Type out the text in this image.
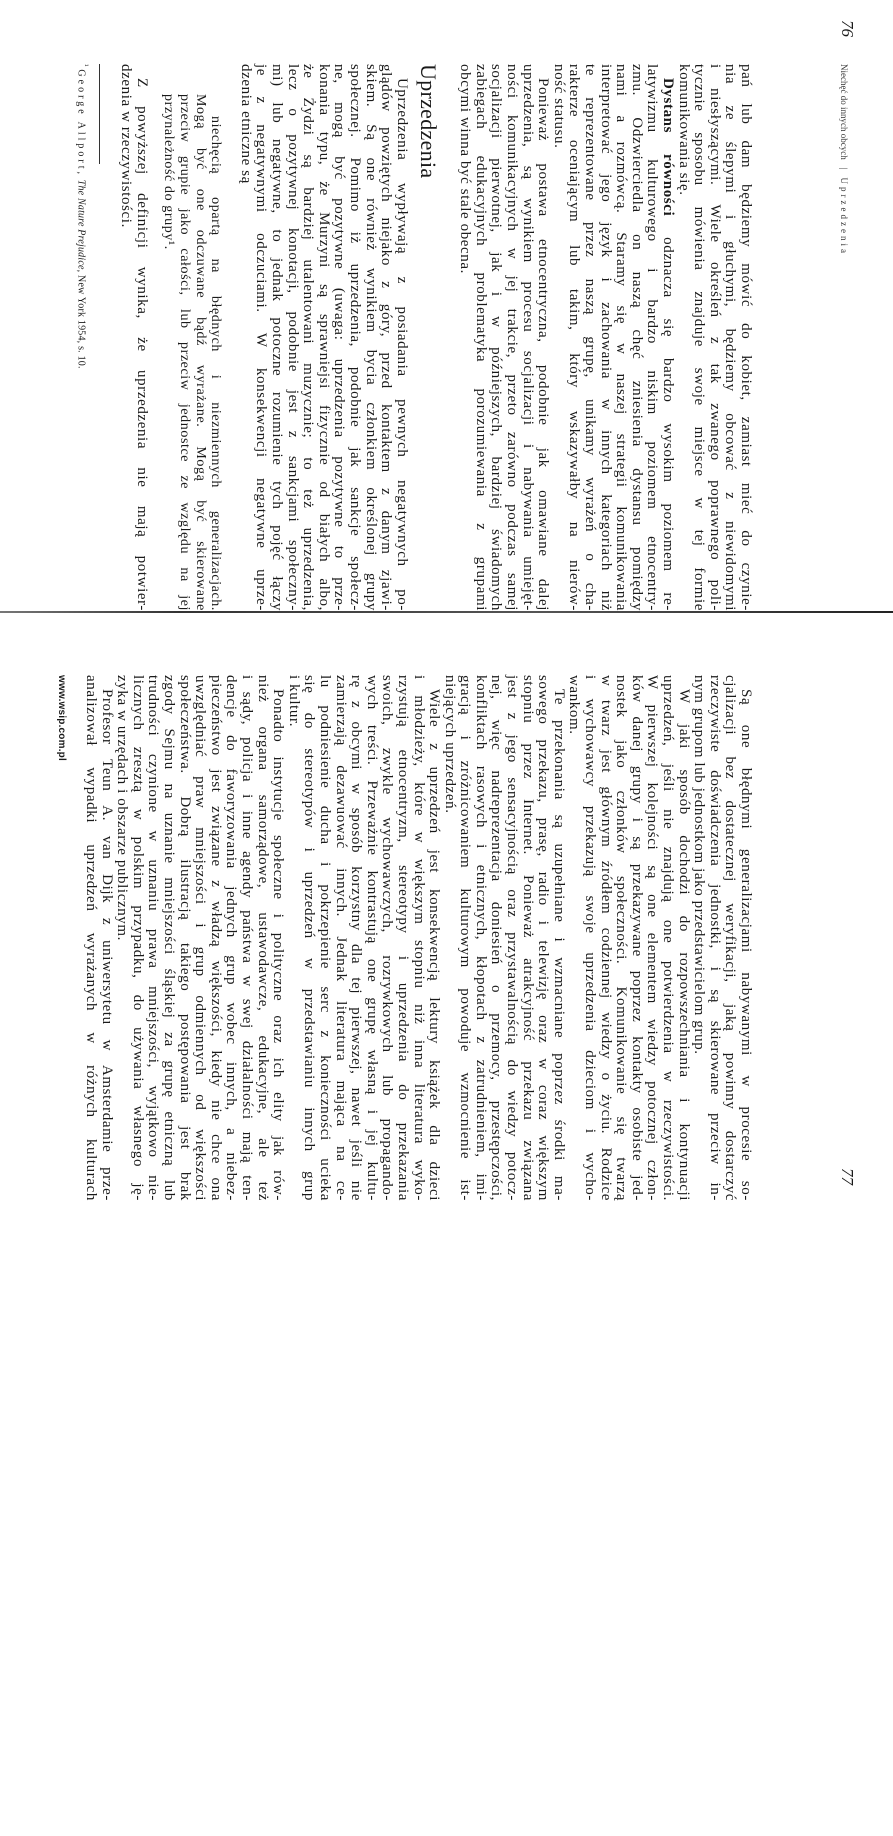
76
Niechęć do innych obcych|Uprzedzenia
pań lub dam będziemy mówić do kobiet, zamiast mieć do czynie-
nia ze ślepymi i głuchymi, będziemy obcować z niewidomymi
i niesłyszącymi. Wiele określeń z tak zwanego poprawnego poli-
tycznie sposobu mówienia znajduje swoje miejsce w tej formie
komunikowania się.
Dystans równości odznacza się bardzo wysokim poziomem re-
latywizmu kulturowego i bardzo niskim poziomem etnocentry-
zmu. Odzwierciedla on naszą chęć zniesienia dystansu pomiędzy
nami a rozmówcą. Staramy się w naszej strategii komunikowania
interpretować jego język i zachowania w innych kategoriach niż
te reprezentowane przez naszą grupę, unikamy wyrażeń o cha-
rakterze oceniającym lub takim, który wskazywałby na nierów-
ność statusu.
Ponieważ postawa etnocentryczna, podobnie jak omawiane dalej
uprzedzenia, są wynikiem procesu socjalizacji i nabywania umiejęt-
ności komunikacyjnych w jej trakcie, przeto zarówno podczas samej
socjalizacji pierwotnej, jak i w późniejszych, bardziej świadomych
zabiegach edukacyjnych problematyka porozumiewania z grupami
obcymi winna być stale obecna.
Uprzedzenia
Uprzedzenia wypływają z posiadania pewnych negatywnych po-
glądów powziętych niejako z góry, przed kontaktem z danym zjawi-
skiem. Są one również wynikiem bycia członkiem określonej grupy
społecznej. Pomimo iż uprzedzenia, podobnie jak sankcje społecz-
ne, mogą być pozytywne (uwaga: uprzedzenia pozytywne to prze-
konania typu, że Murzyni są sprawniejsi fizycznie od białych albo,
że Żydzi są bardziej utalentowani muzycznie; to też uprzedzenia,
lecz o pozytywnej konotacji, podobnie jest z sankcjami społeczny-
mi) lub negatywne, to jednak potoczne rozumienie tych pojęć łączy
je z negatywnymi odczuciami. W konsekwencji negatywne uprze-
dzenia etniczne są
niechęcią opartą na błędnych i niezmiennych generalizacjach.
Mogą być one odczuwane bądź wyrażane. Mogą być skierowane
przeciw grupie jako całości, lub przeciw jednostce ze względu na jej
przynależność do grupy¹.
Z powyższej definicji wynika, że uprzedzenia nie mają potwier-
dzenia w rzeczywistości.
$^{^1}$ George Allport, The Nature Prejudice, New York 1954, s. 10.
77
Są one błędnymi generalizacjami nabywanymi w procesie so-
cjalizacji bez dostatecznej weryfikacji, jaką powinny dostarczyć
rzeczywiste doświadczenia jednostki, i są skierowane przeciw in-
nym grupom lub jednostkom jako przedstawicielom grup.
W jaki sposób dochodzi do rozpowszechniania i kontynuacji
uprzedzeń, jeśli nie znajdują one potwierdzenia w rzeczywistości.
W pierwszej kolejności są one elementem wiedzy potocznej człon-
ków danej grupy i są przekazywane poprzez kontakty osobiste jed-
nostek jako członków społeczności. Komunikowanie się twarzą
w twarz jest głównym źródłem codziennej wiedzy o życiu. Rodzice
i wychowawcy przekazują swoje uprzedzenia dzieciom i wycho-
wankom.
Te przekonania są uzupełniane i wzmacniane poprzez środki ma-
sowego przekazu, prasę, radio i telewizję oraz w coraz większym
stopniu przez Internet. Ponieważ atrakcyjność przekazu związana
jest z jego sensacyjnością oraz przystawalnością do wiedzy potocz-
nej, więc nadreprezentacja doniesień o przemocy, przestępczości,
konfliktach rasowych i etnicznych, kłopotach z zatrudnieniem, imi-
gracją i zróżnicowaniem kulturowym powoduje wzmocnienie ist-
niejących uprzedzeń.
Wiele z uprzedzeń jest konsekwencją lektury książek dla dzieci
i młodzieży, które w większym stopniu niż inna literatura wyko-
rzystują etnocentryzm, stereotypy i uprzedzenia do przekazania
swoich, zwykle wychowawczych, rozrywkowych lub propagando-
wych treści. Przeważnie kontrastują one grupę własną i jej kultu-
rę z obcymi w sposób korzystny dla tej pierwszej, nawet jeśli nie
zamierzają dezawuować innych. Jednak literatura mająca na ce-
lu podniesienie ducha i pokrzepienie serc z konieczności ucieka
się do stereotypów i uprzedzeń w przedstawianiu innych grup
i kultur.
Ponadto instytucje społeczne i polityczne oraz ich elity jak rów-
nież organa samorządowe, ustawodawcze, edukacyjne, ale też
i sądy, policja i inne agendy państwa w swej działalności mają ten-
dencje do faworyzowania jednych grup wobec innych, a niebez-
pieczeństwo jest związane z władzą większości, kiedy nie chce ona
uwzględniać praw mniejszości i grup odmiennych od większości
społeczeństwa. Dobrą ilustracją takiego postępowania jest brak
zgody Sejmu na uznanie mniejszości śląskiej za grupę etniczną lub
trudności czynione w uznaniu prawa mniejszości, wyjątkowo nie-
licznych zresztą w polskim przypadku, do używania własnego ję-
zyka w urzędach i obszarze publicznym.
Profesor Teun A. van Dijk z uniwersytetu w Amsterdamie prze-
analizował wypadki uprzedzeń wyrażanych w różnych kulturach
www.wsip.com.pl
